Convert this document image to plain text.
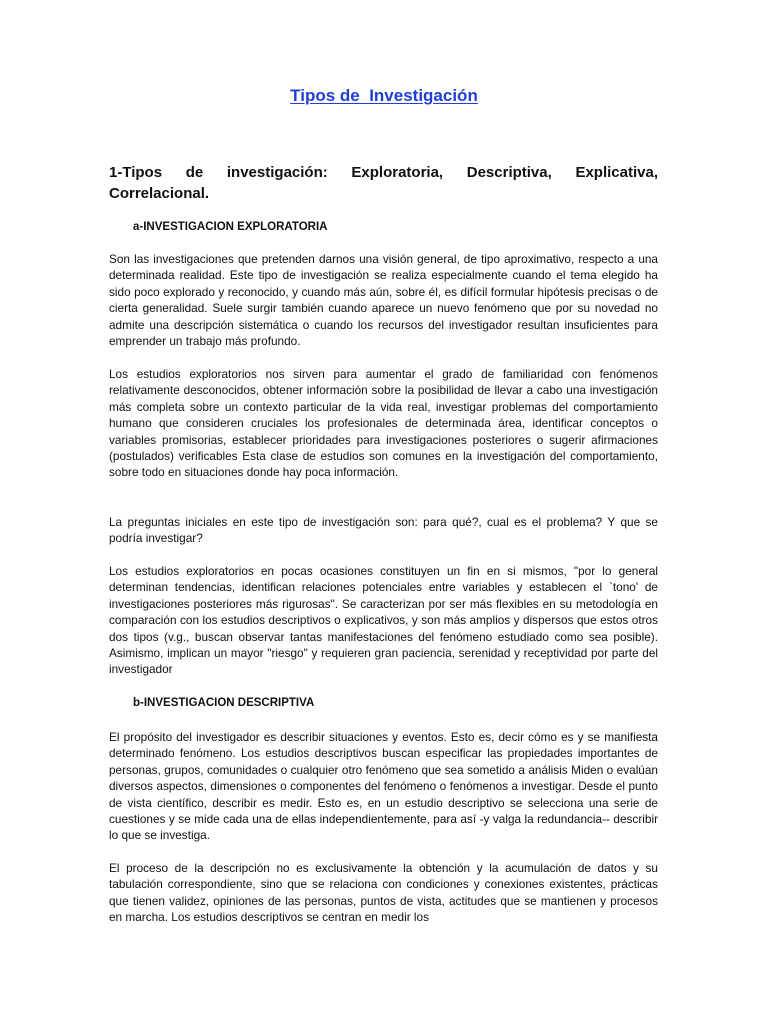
Tipos de  Investigación
1-Tipos de investigación: Exploratoria, Descriptiva, Explicativa, Correlacional.
a-INVESTIGACION EXPLORATORIA

Son las investigaciones que pretenden darnos una visión general, de tipo aproximativo, respecto a una determinada realidad. Este tipo de investigación se realiza especialmente cuando el tema elegido ha sido poco explorado y reconocido, y cuando más aún, sobre él, es difícil formular hipótesis precisas o de cierta generalidad. Suele surgir también cuando aparece un nuevo fenómeno que por su novedad no admite una descripción sistemática o cuando los recursos del investigador resultan insuficientes para emprender un trabajo más profundo.

Los estudios exploratorios nos sirven para aumentar el grado de familiaridad con fenómenos relativamente desconocidos, obtener información sobre la posibilidad de llevar a cabo una investigación más completa sobre un contexto particular de la vida real, investigar problemas del comportamiento humano que consideren cruciales los profesionales de determinada área, identificar conceptos o variables promisorias, establecer prioridades para investigaciones posteriores o sugerir afirmaciones (postulados) verificables Esta clase de estudios son comunes en la investigación del comportamiento, sobre todo en situaciones donde hay poca información.

La preguntas iniciales en este tipo de investigación son: para qué?, cual es el problema? Y que se podría investigar?

Los estudios exploratorios en pocas ocasiones constituyen un fin en si mismos, "por lo general determinan tendencias, identifican relaciones potenciales entre variables y establecen el `tono' de investigaciones posteriores más rigurosas". Se caracterizan por ser más flexibles en su metodología en comparación con los estudios descriptivos o explicativos, y son más amplios y dispersos que estos otros dos tipos (v.g., buscan observar tantas manifestaciones del fenómeno estudiado como sea posible). Asimismo, implican un mayor "riesgo" y requieren gran paciencia, serenidad y receptividad por parte del investigador

b-INVESTIGACION DESCRIPTIVA

El propósito del investigador es describir situaciones y eventos. Esto es, decir cómo es y se manifiesta determinado fenómeno. Los estudios descriptivos buscan especificar las propiedades importantes de personas, grupos, comunidades o cualquier otro fenómeno que sea sometido a análisis Miden o evalúan diversos aspectos, dimensiones o componentes del fenómeno o fenómenos a investigar. Desde el punto de vista científico, describir es medir. Esto es, en un estudio descriptivo se selecciona una serie de cuestiones y se mide cada una de ellas independientemente, para así -y valga la redundancia-- describir lo que se investiga.

El proceso de la descripción no es exclusivamente la obtención y la acumulación de datos y su tabulación correspondiente, sino que se relaciona con condiciones y conexiones existentes, prácticas que tienen validez, opiniones de las personas, puntos de vista, actitudes que se mantienen y procesos en marcha. Los estudios descriptivos se centran en medir los
